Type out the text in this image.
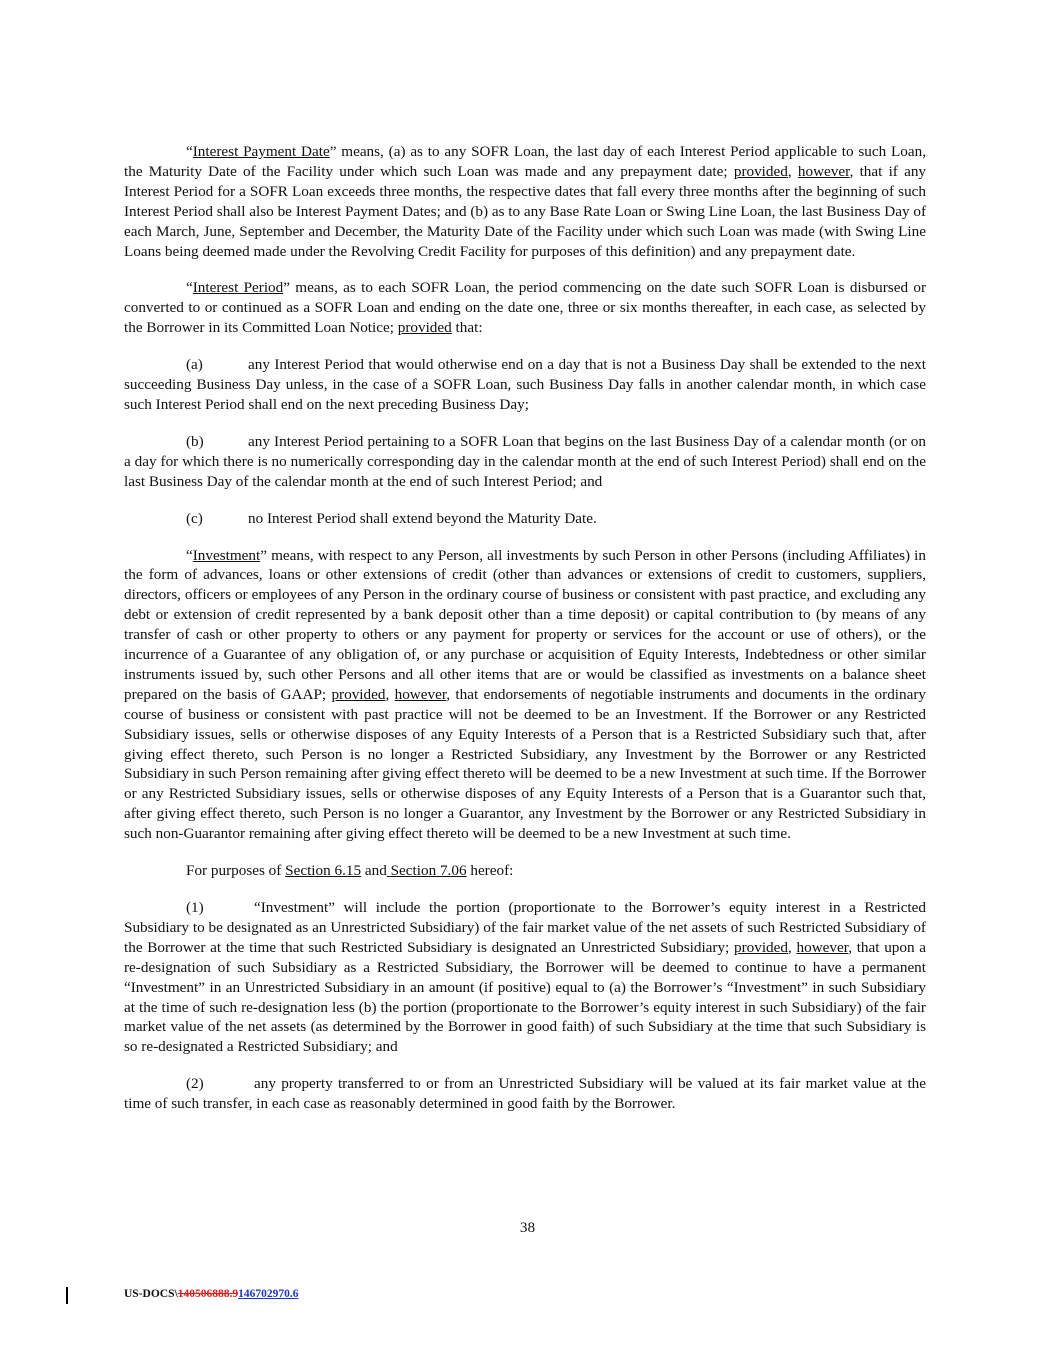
“Interest Payment Date” means, (a) as to any SOFR Loan, the last day of each Interest Period applicable to such Loan, the Maturity Date of the Facility under which such Loan was made and any prepayment date; provided, however, that if any Interest Period for a SOFR Loan exceeds three months, the respective dates that fall every three months after the beginning of such Interest Period shall also be Interest Payment Dates; and (b) as to any Base Rate Loan or Swing Line Loan, the last Business Day of each March, June, September and December, the Maturity Date of the Facility under which such Loan was made (with Swing Line Loans being deemed made under the Revolving Credit Facility for purposes of this definition) and any prepayment date.

“Interest Period” means, as to each SOFR Loan, the period commencing on the date such SOFR Loan is disbursed or converted to or continued as a SOFR Loan and ending on the date one, three or six months thereafter, in each case, as selected by the Borrower in its Committed Loan Notice; provided that:

(a)	any Interest Period that would otherwise end on a day that is not a Business Day shall be extended to the next succeeding Business Day unless, in the case of a SOFR Loan, such Business Day falls in another calendar month, in which case such Interest Period shall end on the next preceding Business Day;

(b)	any Interest Period pertaining to a SOFR Loan that begins on the last Business Day of a calendar month (or on a day for which there is no numerically corresponding day in the calendar month at the end of such Interest Period) shall end on the last Business Day of the calendar month at the end of such Interest Period; and

(c)	no Interest Period shall extend beyond the Maturity Date.

“Investment” means, with respect to any Person, all investments by such Person in other Persons (including Affiliates) in the form of advances, loans or other extensions of credit (other than advances or extensions of credit to customers, suppliers, directors, officers or employees of any Person in the ordinary course of business or consistent with past practice, and excluding any debt or extension of credit represented by a bank deposit other than a time deposit) or capital contribution to (by means of any transfer of cash or other property to others or any payment for property or services for the account or use of others), or the incurrence of a Guarantee of any obligation of, or any purchase or acquisition of Equity Interests, Indebtedness or other similar instruments issued by, such other Persons and all other items that are or would be classified as investments on a balance sheet prepared on the basis of GAAP; provided, however, that endorsements of negotiable instruments and documents in the ordinary course of business or consistent with past practice will not be deemed to be an Investment. If the Borrower or any Restricted Subsidiary issues, sells or otherwise disposes of any Equity Interests of a Person that is a Restricted Subsidiary such that, after giving effect thereto, such Person is no longer a Restricted Subsidiary, any Investment by the Borrower or any Restricted Subsidiary in such Person remaining after giving effect thereto will be deemed to be a new Investment at such time. If the Borrower or any Restricted Subsidiary issues, sells or otherwise disposes of any Equity Interests of a Person that is a Guarantor such that, after giving effect thereto, such Person is no longer a Guarantor, any Investment by the Borrower or any Restricted Subsidiary in such non-Guarantor remaining after giving effect thereto will be deemed to be a new Investment at such time.

For purposes of Section 6.15 and Section 7.06 hereof:

(1)	“Investment” will include the portion (proportionate to the Borrower’s equity interest in a Restricted Subsidiary to be designated as an Unrestricted Subsidiary) of the fair market value of the net assets of such Restricted Subsidiary of the Borrower at the time that such Restricted Subsidiary is designated an Unrestricted Subsidiary; provided, however, that upon a re-designation of such Subsidiary as a Restricted Subsidiary, the Borrower will be deemed to continue to have a permanent “Investment” in an Unrestricted Subsidiary in an amount (if positive) equal to (a) the Borrower’s “Investment” in such Subsidiary at the time of such re-designation less (b) the portion (proportionate to the Borrower’s equity interest in such Subsidiary) of the fair market value of the net assets (as determined by the Borrower in good faith) of such Subsidiary at the time that such Subsidiary is so re-designated a Restricted Subsidiary; and

(2)	any property transferred to or from an Unrestricted Subsidiary will be valued at its fair market value at the time of such transfer, in each case as reasonably determined in good faith by the Borrower.

38
US-DOCS\140506888.9146702970.6
